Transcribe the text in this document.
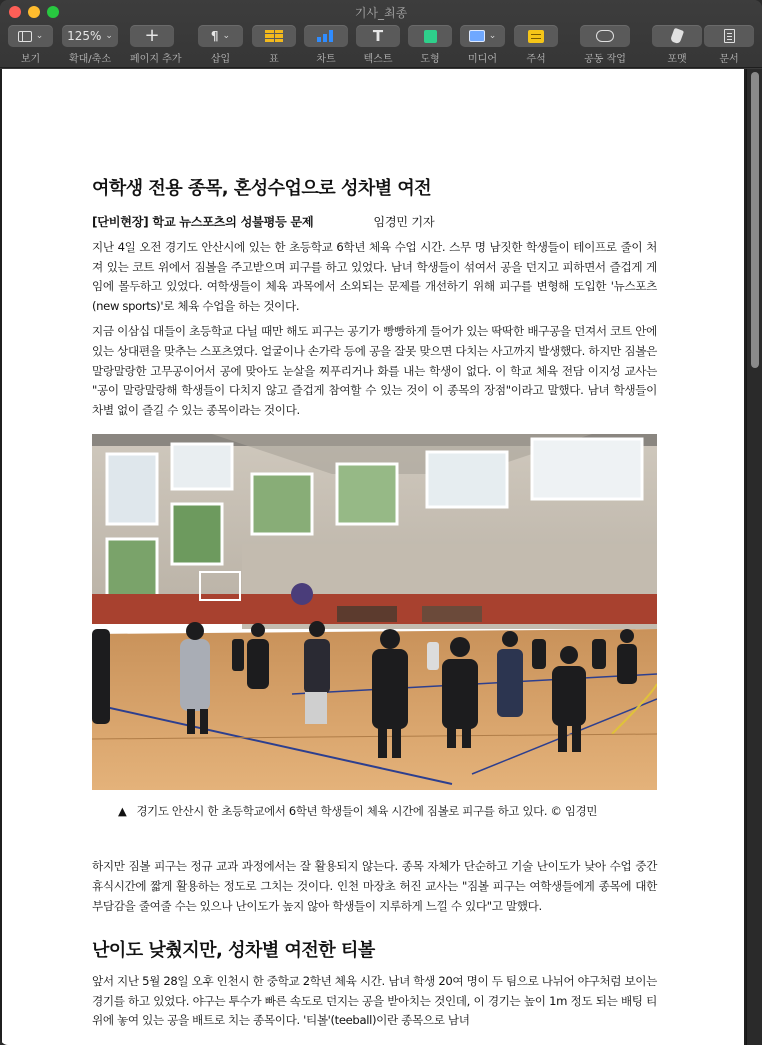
기사_최종
⌄
보기
125% ⌄
확대/축소
+
페이지 추가
¶ ⌄
삽입	표	차트
T
텍스트	도형
⌄
미디어	주석	공동 작업	포맷	문서
여학생 전용 종목, 혼성수업으로 성차별 여전
[단비현장] 학교 뉴스포츠의 성불평등 문제	임경민 기자

지난 4일 오전 경기도 안산시에 있는 한 초등학교 6학년 체육 수업 시간. 스무 명 남짓한 학생들이 테이프로 줄이 처져 있는 코트 위에서 짐볼을 주고받으며 피구를 하고 있었다. 남녀 학생들이 섞여서 공을 던지고 피하면서 즐겁게 게임에 몰두하고 있었다. 여학생들이 체육 과목에서 소외되는 문제를 개선하기 위해 피구를 변형해 도입한 '뉴스포츠(new sports)'로 체육 수업을 하는 것이다.

지금 이삼십 대들이 초등학교 다닐 때만 해도 피구는 공기가 빵빵하게 들어가 있는 딱딱한 배구공을 던져서 코트 안에 있는 상대편을 맞추는 스포츠였다. 얼굴이나 손가락 등에 공을 잘못 맞으면 다치는 사고까지 발생했다. 하지만 짐볼은 말랑말랑한 고무공이어서 공에 맞아도 눈살을 찌푸리거나 화를 내는 학생이 없다. 이 학교 체육 전담 이지성 교사는 "공이 말랑말랑해 학생들이 다치지 않고 즐겁게 참여할 수 있는 것이 이 종목의 장점"이라고 말했다. 남녀 학생들이 차별 없이 즐길 수 있는 종목이라는 것이다.

▲ 경기도 안산시 한 초등학교에서 6학년 학생들이 체육 시간에 짐볼로 피구를 하고 있다. © 임경민

하지만 짐볼 피구는 정규 교과 과정에서는 잘 활용되지 않는다. 종목 자체가 단순하고 기술 난이도가 낮아 수업 중간 휴식시간에 짧게 활용하는 정도로 그치는 것이다. 인천 마장초 허진 교사는 "짐볼 피구는 여학생들에게 종목에 대한 부담감을 줄여줄 수는 있으나 난이도가 높지 않아 학생들이 지루하게 느낄 수 있다"고 말했다.

난이도 낮췄지만, 성차별 여전한 티볼

앞서 지난 5월 28일 오후 인천시 한 중학교 2학년 체육 시간. 남녀 학생 20여 명이 두 팀으로 나뉘어 야구처럼 보이는 경기를 하고 있었다. 야구는 투수가 빠른 속도로 던지는 공을 받아치는 것인데, 이 경기는 높이 1m 정도 되는 배팅 티 위에 놓여 있는 공을 배트로 치는 종목이다. '티볼'(teeball)이란 종목으로 남녀
